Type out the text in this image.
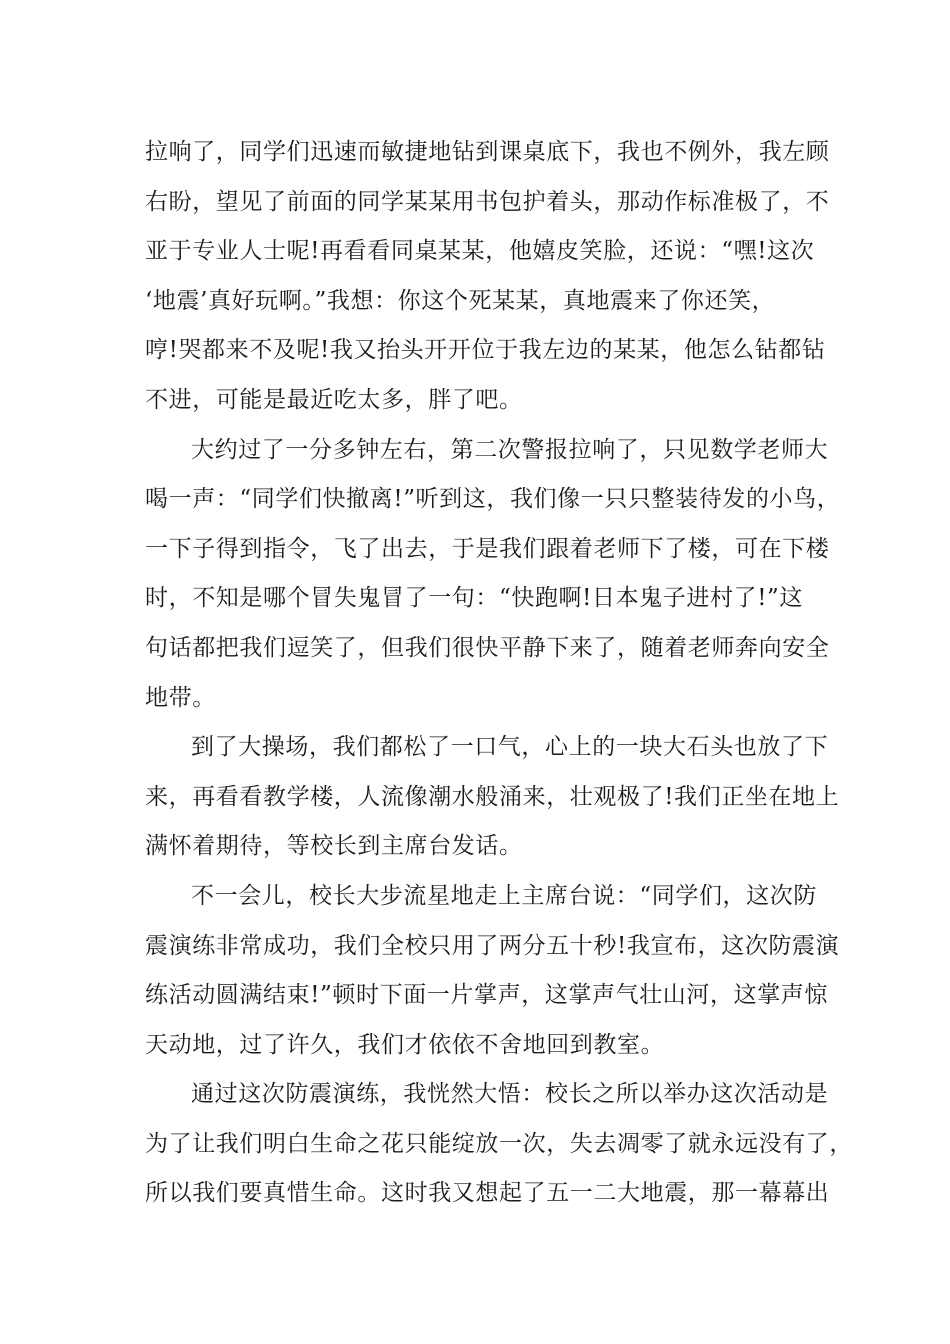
拉响了，同学们迅速而敏捷地钻到课桌底下，我也不例外，我左顾
右盼，望见了前面的同学某某用书包护着头，那动作标准极了，不
亚于专业人士呢!再看看同桌某某，他嬉皮笑脸，还说：“嘿!这次
‘地震’真好玩啊。”我想：你这个死某某，真地震来了你还笑，
哼!哭都来不及呢!我又抬头开开位于我左边的某某，他怎么钻都钻
不进，可能是最近吃太多，胖了吧。
大约过了一分多钟左右，第二次警报拉响了，只见数学老师大
喝一声：“同学们快撤离!”听到这，我们像一只只整装待发的小鸟，
一下子得到指令，飞了出去，于是我们跟着老师下了楼，可在下楼
时，不知是哪个冒失鬼冒了一句：“快跑啊!日本鬼子进村了!”这
句话都把我们逗笑了，但我们很快平静下来了，随着老师奔向安全
地带。
到了大操场，我们都松了一口气，心上的一块大石头也放了下
来，再看看教学楼，人流像潮水般涌来，壮观极了!我们正坐在地上
满怀着期待，等校长到主席台发话。
不一会儿，校长大步流星地走上主席台说：“同学们，这次防
震演练非常成功，我们全校只用了两分五十秒!我宣布，这次防震演
练活动圆满结束!”顿时下面一片掌声，这掌声气壮山河，这掌声惊
天动地，过了许久，我们才依依不舍地回到教室。
通过这次防震演练，我恍然大悟：校长之所以举办这次活动是
为了让我们明白生命之花只能绽放一次，失去凋零了就永远没有了，
所以我们要真惜生命。这时我又想起了五一二大地震，那一幕幕出
